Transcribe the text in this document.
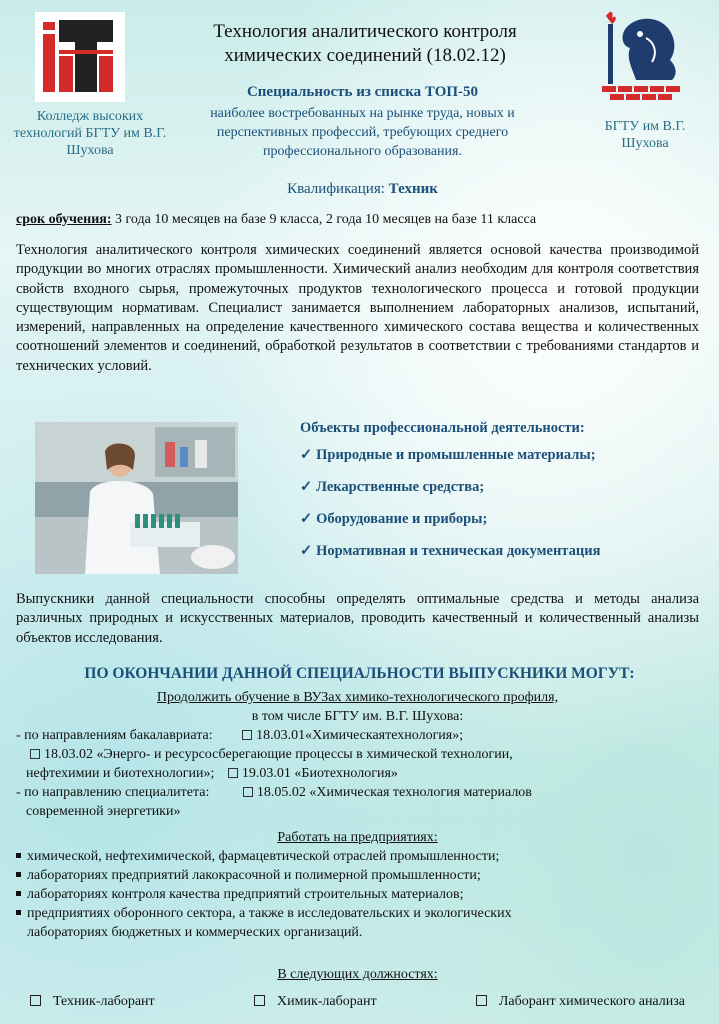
Колледж высоких технологий БГТУ им В.Г. Шухова
БГТУ им В.Г. Шухова
Технология аналитического контроля химических соединений (18.02.12)
Специальность из списка ТОП-50
наиболее востребованных на рынке труда, новых и перспективных профессий, требующих среднего профессионального образования.
Квалификация: Техник
срок обучения: 3 года 10 месяцев на базе 9 класса, 2 года 10 месяцев на базе 11 класса
Технология аналитического контроля химических соединений является основой качества производимой продукции во многих отраслях промышленности. Химический анализ необходим для контроля соответствия свойств входного сырья, промежуточных продуктов технологического процесса и готовой продукции существующим нормативам. Специалист занимается выполнением лабораторных анализов, испытаний, измерений, направленных на определение качественного химического состава вещества и количественных соотношений элементов и соединений, обработкой результатов в соответствии с требованиями стандартов и технических условий.
Объекты профессиональной деятельности:
✓ Природные и промышленные материалы;
✓ Лекарственные средства;
✓ Оборудование и приборы;
✓ Нормативная и техническая документация
Выпускники данной специальности способны определять оптимальные средства и методы анализа различных природных и искусственных материалов, проводить качественный и количественный анализы объектов исследования.
ПО ОКОНЧАНИИ ДАННОЙ СПЕЦИАЛЬНОСТИ ВЫПУСКНИКИ МОГУТ:
Продолжить обучение в ВУЗах химико-технологического профиля,
в том числе БГТУ им. В.Г. Шухова:
- по направлениям бакалавриата:	18.03.01«Химическаятехнология»;
18.03.02 «Энерго- и ресурсосберегающие процессы в химической технологии,
нефтехимии и биотехнологии»; 19.03.01 «Биотехнология»
- по направлению специалитета:	18.05.02 «Химическая технология материалов
современной энергетики»
Работать на предприятиях:
химической, нефтехимической, фармацевтической отраслей промышленности;
лабораториях предприятий лакокрасочной и полимерной промышленности;
лабораториях контроля качества предприятий строительных материалов;
предприятиях оборонного сектора, а также в исследовательских и экологических
лабораториях бюджетных и коммерческих организаций.
В следующих должностях:
Техник-лаборант	Химик-лаборант	Лаборант химического анализа
